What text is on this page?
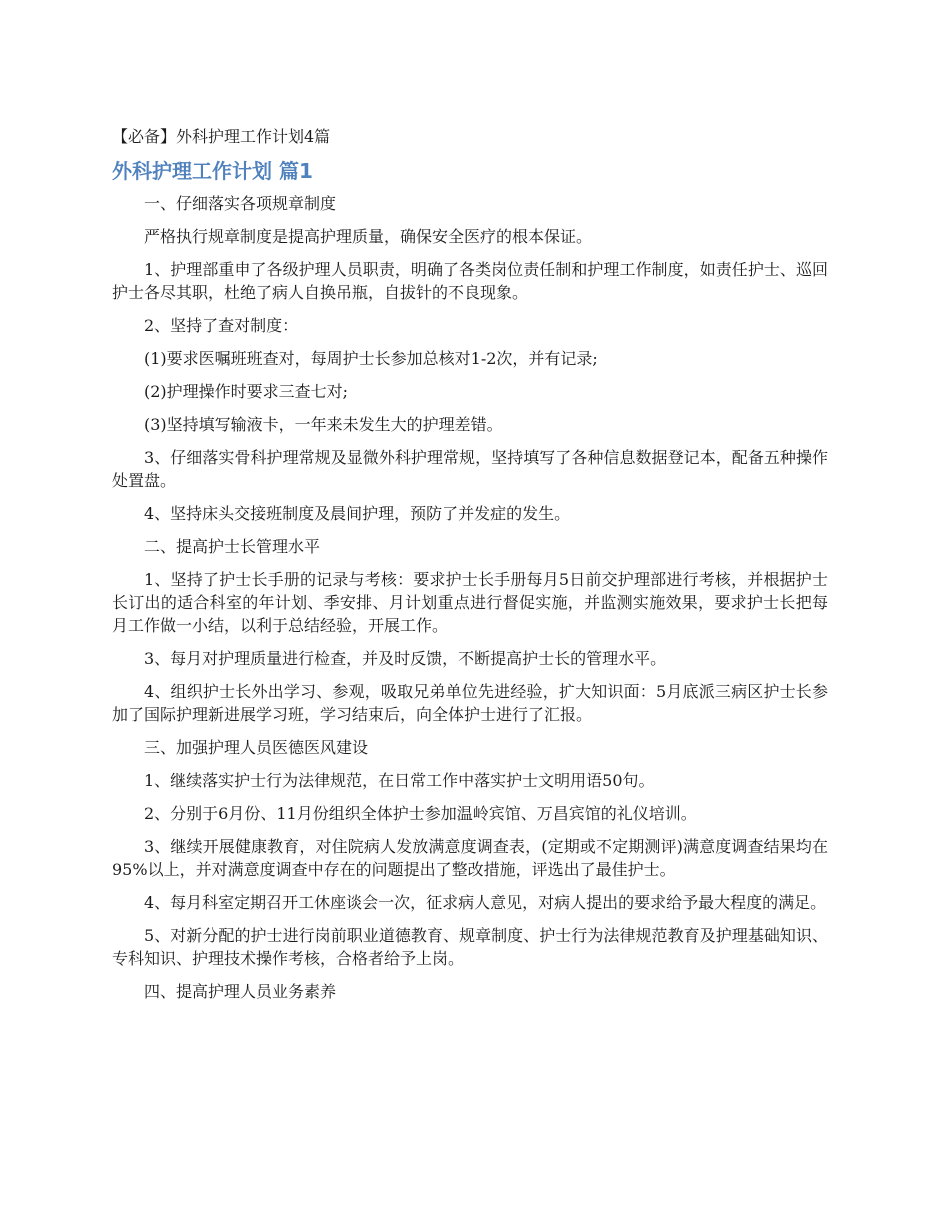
【必备】外科护理工作计划4篇
外科护理工作计划 篇1

一、仔细落实各项规章制度

严格执行规章制度是提高护理质量，确保安全医疗的根本保证。

1、护理部重申了各级护理人员职责，明确了各类岗位责任制和护理工作制度，如责任护士、巡回护士各尽其职，杜绝了病人自换吊瓶，自拔针的不良现象。

2、坚持了查对制度：

(1)要求医嘱班班查对，每周护士长参加总核对1-2次，并有记录;

(2)护理操作时要求三查七对;

(3)坚持填写输液卡，一年来未发生大的护理差错。

3、仔细落实骨科护理常规及显微外科护理常规，坚持填写了各种信息数据登记本，配备五种操作处置盘。

4、坚持床头交接班制度及晨间护理，预防了并发症的发生。

二、提高护士长管理水平

1、坚持了护士长手册的记录与考核：要求护士长手册每月5日前交护理部进行考核，并根据护士长订出的适合科室的年计划、季安排、月计划重点进行督促实施，并监测实施效果，要求护士长把每月工作做一小结，以利于总结经验，开展工作。

3、每月对护理质量进行检查，并及时反馈，不断提高护士长的管理水平。

4、组织护士长外出学习、参观，吸取兄弟单位先进经验，扩大知识面：5月底派三病区护士长参加了国际护理新进展学习班，学习结束后，向全体护士进行了汇报。

三、加强护理人员医德医风建设

1、继续落实护士行为法律规范，在日常工作中落实护士文明用语50句。

2、分别于6月份、11月份组织全体护士参加温岭宾馆、万昌宾馆的礼仪培训。

3、继续开展健康教育，对住院病人发放满意度调查表，(定期或不定期测评)满意度调查结果均在95%以上，并对满意度调查中存在的问题提出了整改措施，评选出了最佳护士。

4、每月科室定期召开工休座谈会一次，征求病人意见，对病人提出的要求给予最大程度的满足。

5、对新分配的护士进行岗前职业道德教育、规章制度、护士行为法律规范教育及护理基础知识、专科知识、护理技术操作考核，合格者给予上岗。

四、提高护理人员业务素养
